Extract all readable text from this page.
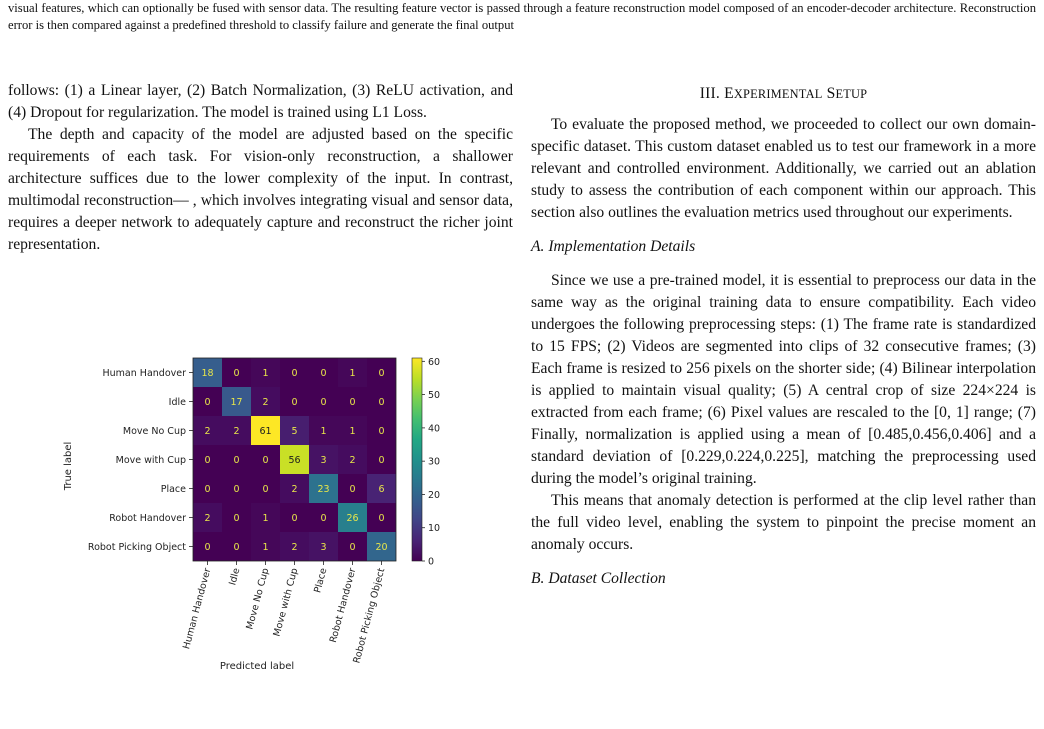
visual features, which can optionally be fused with sensor data. The resulting feature vector is passed through a feature reconstruction model composed of an encoder-decoder architecture. Reconstruction error is then compared against a predefined threshold to classify failure and generate the final output

follows: (1) a Linear layer, (2) Batch Normalization, (3) ReLU activation, and (4) Dropout for regularization. The model is trained using L1 Loss.

The depth and capacity of the model are adjusted based on the specific requirements of each task. For vision-only reconstruction, a shallower architecture suffices due to the lower complexity of the input. In contrast, multimodal reconstruction— , which involves integrating visual and sensor data, requires a deeper network to adequately capture and reconstruct the richer joint representation.

18 0 1 0 0 1 0
0 17 2 0 0 0 0
2 2 61 5 1 1 0
0 0 0 56 3 2 0
0 0 0 2 23 0 6
2 0 1 0 0 26 0
0 0 1 2 3 0 20
Human Handover
Idle
Move No Cup
Move with Cup
Place
Robot Handover
Robot Picking Object
Human Handover Idle Move No Cup Move with Cup Place
Robot Handover
Robot Picking Object
0
10
20
30
40
50
60
True label
Predicted label
III. EXPERIMENTAL SETUP

To evaluate the proposed method, we proceeded to collect our own domain-specific dataset. This custom dataset enabled us to test our framework in a more relevant and controlled environment. Additionally, we carried out an ablation study to assess the contribution of each component within our approach. This section also outlines the evaluation metrics used throughout our experiments.

A. Implementation Details

Since we use a pre-trained model, it is essential to preprocess our data in the same way as the original training data to ensure compatibility. Each video undergoes the following preprocessing steps: (1) The frame rate is standardized to 15 FPS; (2) Videos are segmented into clips of 32 consecutive frames; (3) Each frame is resized to 256 pixels on the shorter side; (4) Bilinear interpolation is applied to maintain visual quality; (5) A central crop of size 224×224 is extracted from each frame; (6) Pixel values are rescaled to the [0, 1] range; (7) Finally, normalization is applied using a mean of [0.485,0.456,0.406] and a standard deviation of [0.229,0.224,0.225], matching the preprocessing used during the model’s original training.

This means that anomaly detection is performed at the clip level rather than the full video level, enabling the system to pinpoint the precise moment an anomaly occurs.

B. Dataset Collection
